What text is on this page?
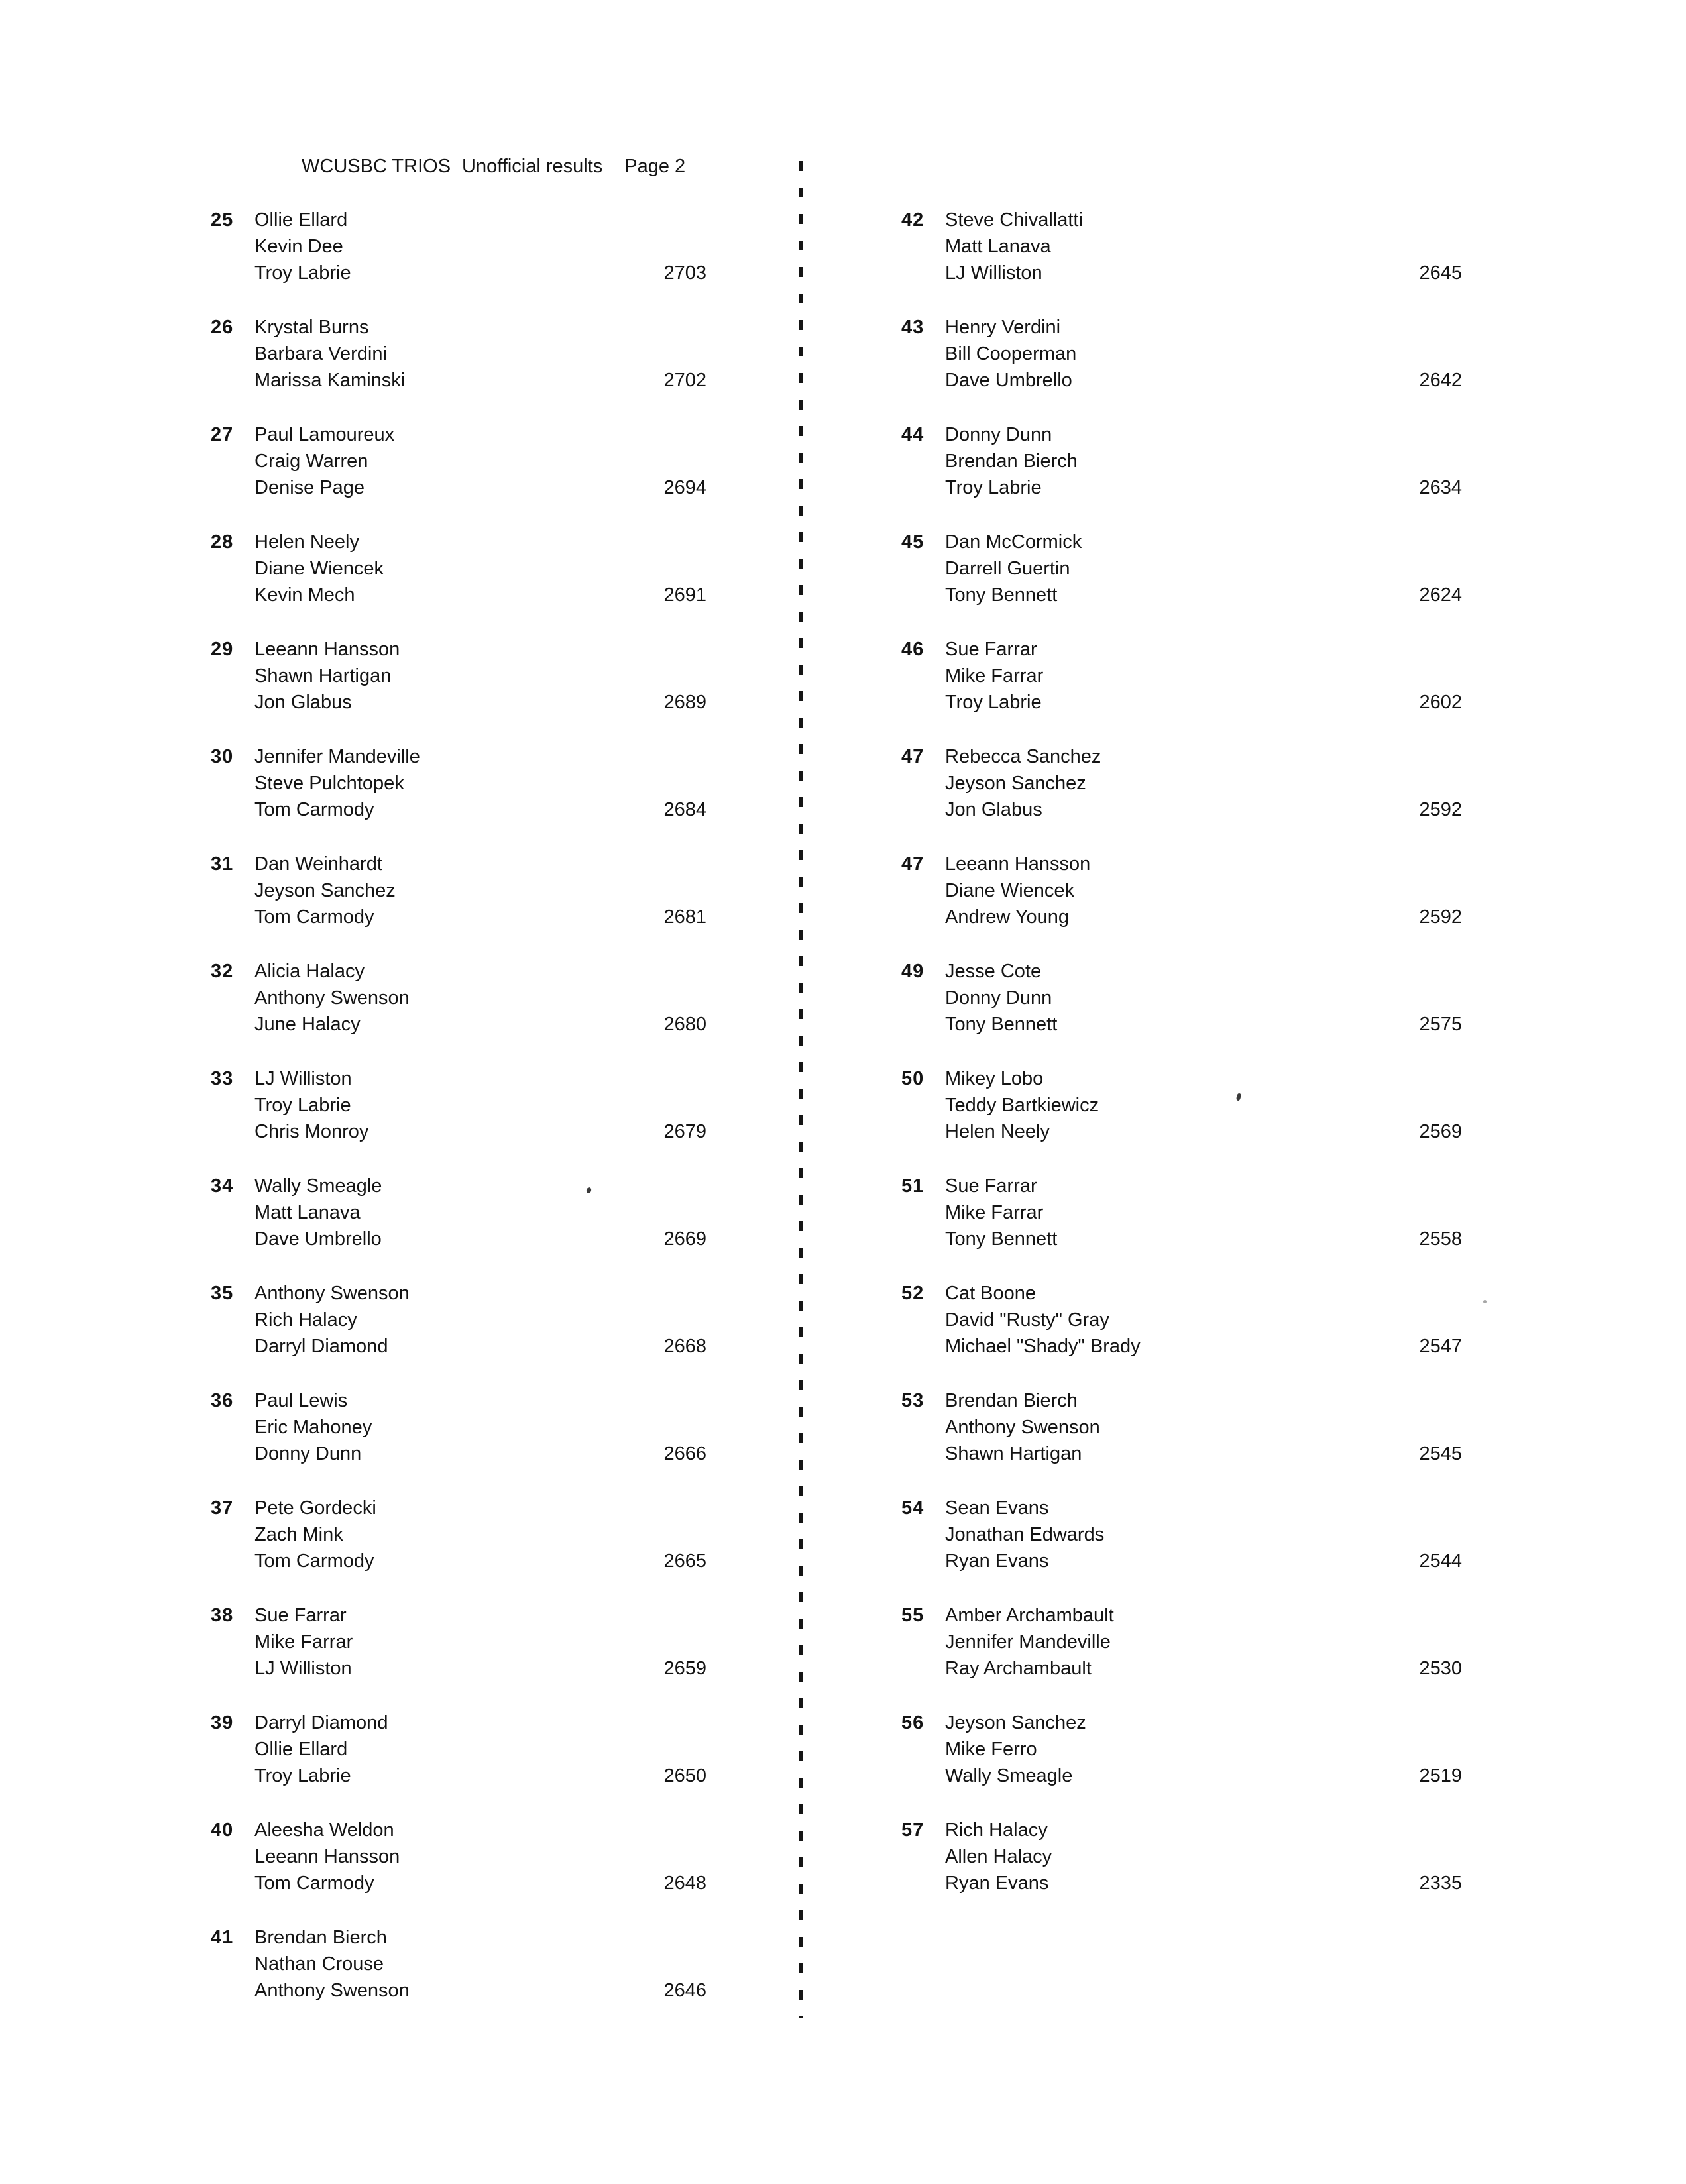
WCUSBC TRIOS Unofficial results Page 2
25 Ollie Ellard
Kevin Dee
Troy Labrie	2703
26 Krystal Burns
Barbara Verdini
Marissa Kaminski	2702
27 Paul Lamoureux
Craig Warren
Denise Page	2694
28 Helen Neely
Diane Wiencek
Kevin Mech	2691
29 Leeann Hansson
Shawn Hartigan
Jon Glabus	2689
30 Jennifer Mandeville
Steve Pulchtopek
Tom Carmody	2684
31 Dan Weinhardt
Jeyson Sanchez
Tom Carmody	2681
32 Alicia Halacy
Anthony Swenson
June Halacy	2680
33 LJ Williston
Troy Labrie
Chris Monroy	2679
34 Wally Smeagle
Matt Lanava
Dave Umbrello	2669
35 Anthony Swenson
Rich Halacy
Darryl Diamond	2668
36 Paul Lewis
Eric Mahoney
Donny Dunn	2666
37 Pete Gordecki
Zach Mink
Tom Carmody	2665
38 Sue Farrar
Mike Farrar
LJ Williston	2659
39 Darryl Diamond
Ollie Ellard
Troy Labrie	2650
40 Aleesha Weldon
Leeann Hansson
Tom Carmody	2648
41 Brendan Bierch
Nathan Crouse
Anthony Swenson	2646
42 Steve Chivallatti
Matt Lanava
LJ Williston	2645
43 Henry Verdini
Bill Cooperman
Dave Umbrello	2642
44 Donny Dunn
Brendan Bierch
Troy Labrie	2634
45 Dan McCormick
Darrell Guertin
Tony Bennett	2624
46 Sue Farrar
Mike Farrar
Troy Labrie	2602
47 Rebecca Sanchez
Jeyson Sanchez
Jon Glabus	2592
47 Leeann Hansson
Diane Wiencek
Andrew Young	2592
49 Jesse Cote
Donny Dunn
Tony Bennett	2575
50 Mikey Lobo
Teddy Bartkiewicz
Helen Neely	2569
51 Sue Farrar
Mike Farrar
Tony Bennett	2558
52 Cat Boone
David "Rusty" Gray
Michael "Shady" Brady	2547
53 Brendan Bierch
Anthony Swenson
Shawn Hartigan	2545
54 Sean Evans
Jonathan Edwards
Ryan Evans	2544
55 Amber Archambault
Jennifer Mandeville
Ray Archambault	2530
56 Jeyson Sanchez
Mike Ferro
Wally Smeagle	2519
57 Rich Halacy
Allen Halacy
Ryan Evans	2335
